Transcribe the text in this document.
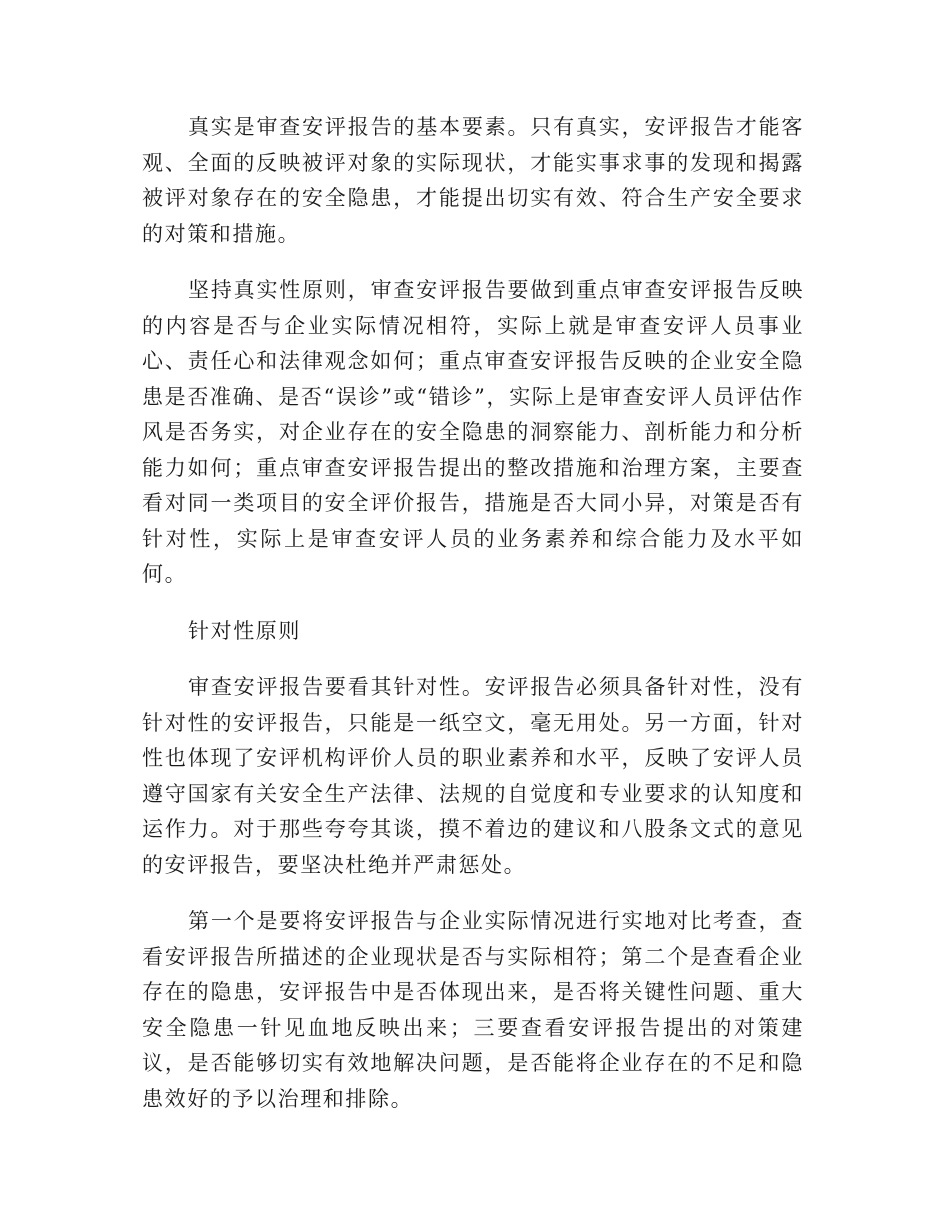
真实是审查安评报告的基本要素。只有真实，安评报告才能客观、全面的反映被评对象的实际现状，才能实事求事的发现和揭露被评对象存在的安全隐患，才能提出切实有效、符合生产安全要求的对策和措施。

坚持真实性原则，审查安评报告要做到重点审查安评报告反映的内容是否与企业实际情况相符，实际上就是审查安评人员事业心、责任心和法律观念如何；重点审查安评报告反映的企业安全隐患是否准确、是否“误诊”或“错诊”，实际上是审查安评人员评估作风是否务实，对企业存在的安全隐患的洞察能力、剖析能力和分析能力如何；重点审查安评报告提出的整改措施和治理方案，主要查看对同一类项目的安全评价报告，措施是否大同小异，对策是否有针对性，实际上是审查安评人员的业务素养和综合能力及水平如何。

针对性原则

审查安评报告要看其针对性。安评报告必须具备针对性，没有针对性的安评报告，只能是一纸空文，毫无用处。另一方面，针对性也体现了安评机构评价人员的职业素养和水平，反映了安评人员遵守国家有关安全生产法律、法规的自觉度和专业要求的认知度和运作力。对于那些夸夸其谈，摸不着边的建议和八股条文式的意见的安评报告，要坚决杜绝并严肃惩处。

第一个是要将安评报告与企业实际情况进行实地对比考查，查看安评报告所描述的企业现状是否与实际相符；第二个是查看企业存在的隐患，安评报告中是否体现出来，是否将关键性问题、重大安全隐患一针见血地反映出来；三要查看安评报告提出的对策建议，是否能够切实有效地解决问题，是否能将企业存在的不足和隐患效好的予以治理和排除。
